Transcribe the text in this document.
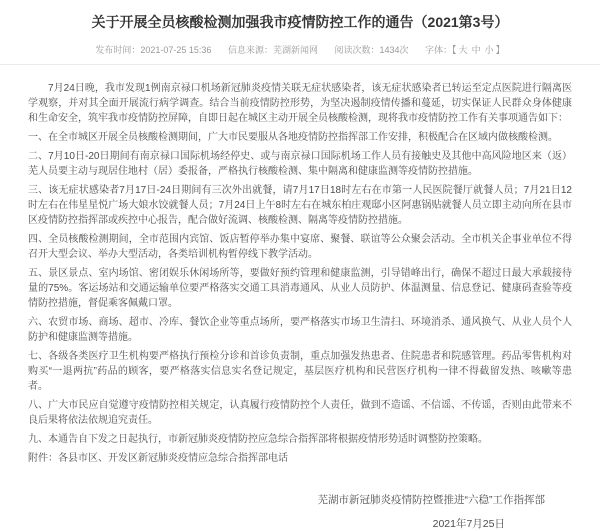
关于开展全员核酸检测加强我市疫情防控工作的通告（2021第3号）
发布时间：2021-07-25 15:36 信息来源：芜湖新闻网 阅读次数：1434次 字体：【 大 中 小 】

7月24日晚，我市发现1例南京禄口机场新冠肺炎疫情关联无症状感染者，该无症状感染者已转运至定点医院进行隔离医学观察，并对其全面开展流行病学调查。结合当前疫情防控形势，为坚决遏制疫情传播和蔓延，切实保证人民群众身体健康和生命安全，筑牢我市疫情防控屏障，自即日起在城区主动开展全员核酸检测，现将我市疫情防控工作有关事项通告如下：

一、在全市城区开展全员核酸检测期间，广大市民要服从各地疫情防控指挥部工作安排，积极配合在区域内做核酸检测。

二、7月10日-20日期间有南京禄口国际机场经停史、或与南京禄口国际机场工作人员有接触史及其他中高风险地区来（返）芜人员要主动与现居住地村（居）委报备，严格执行核酸检测、集中隔离和健康监测等疫情防控措施。

三、该无症状感染者7月17日-24日期间有三次外出就餐，请7月17日18时左右在市第一人民医院餐厅就餐人员；7月21日12时左右在伟星星悦广场大娘水饺就餐人员；7月24日上午8时左右在城东柏庄观邸小区阿惠锅贴就餐人员立即主动向所在县市区疫情防控指挥部或疾控中心报告，配合做好流调、核酸检测、隔离等疫情防控措施。

四、全员核酸检测期间，全市范围内宾馆、饭店暂停举办集中宴席、聚餐、联谊等公众聚会活动。全市机关企事业单位不得召开大型会议、举办大型活动，各类培训机构暂停线下教学活动。

五、景区景点、室内场馆、密闭娱乐休闲场所等，要做好预约管理和健康监测，引导错峰出行，确保不超过日最大承载接待量的75%。客运场站和交通运输单位要严格落实交通工具消毒通风、从业人员防护、体温测量、信息登记、健康码查验等疫情防控措施，督促乘客佩戴口罩。

六、农贸市场、商场、超市、冷库、餐饮企业等重点场所，要严格落实市场卫生清扫、环境消杀、通风换气、从业人员个人防护和健康监测等措施。

七、各级各类医疗卫生机构要严格执行预检分诊和首诊负责制，重点加强发热患者、住院患者和院感管理。药品零售机构对购买“一退两抗”药品的顾客，要严格落实信息实名登记规定，基层医疗机构和民营医疗机构一律不得截留发热、咳嗽等患者。

八、广大市民应自觉遵守疫情防控相关规定，认真履行疫情防控个人责任，做到不造谣、不信谣、不传谣，否则由此带来不良后果将依法依规追究责任。

九、本通告自下发之日起执行，市新冠肺炎疫情防控应急综合指挥部将根据疫情形势适时调整防控策略。

附件：各县市区、开发区新冠肺炎疫情应急综合指挥部电话

芜湖市新冠肺炎疫情防控暨推进“六稳”工作指挥部
2021年7月25日
